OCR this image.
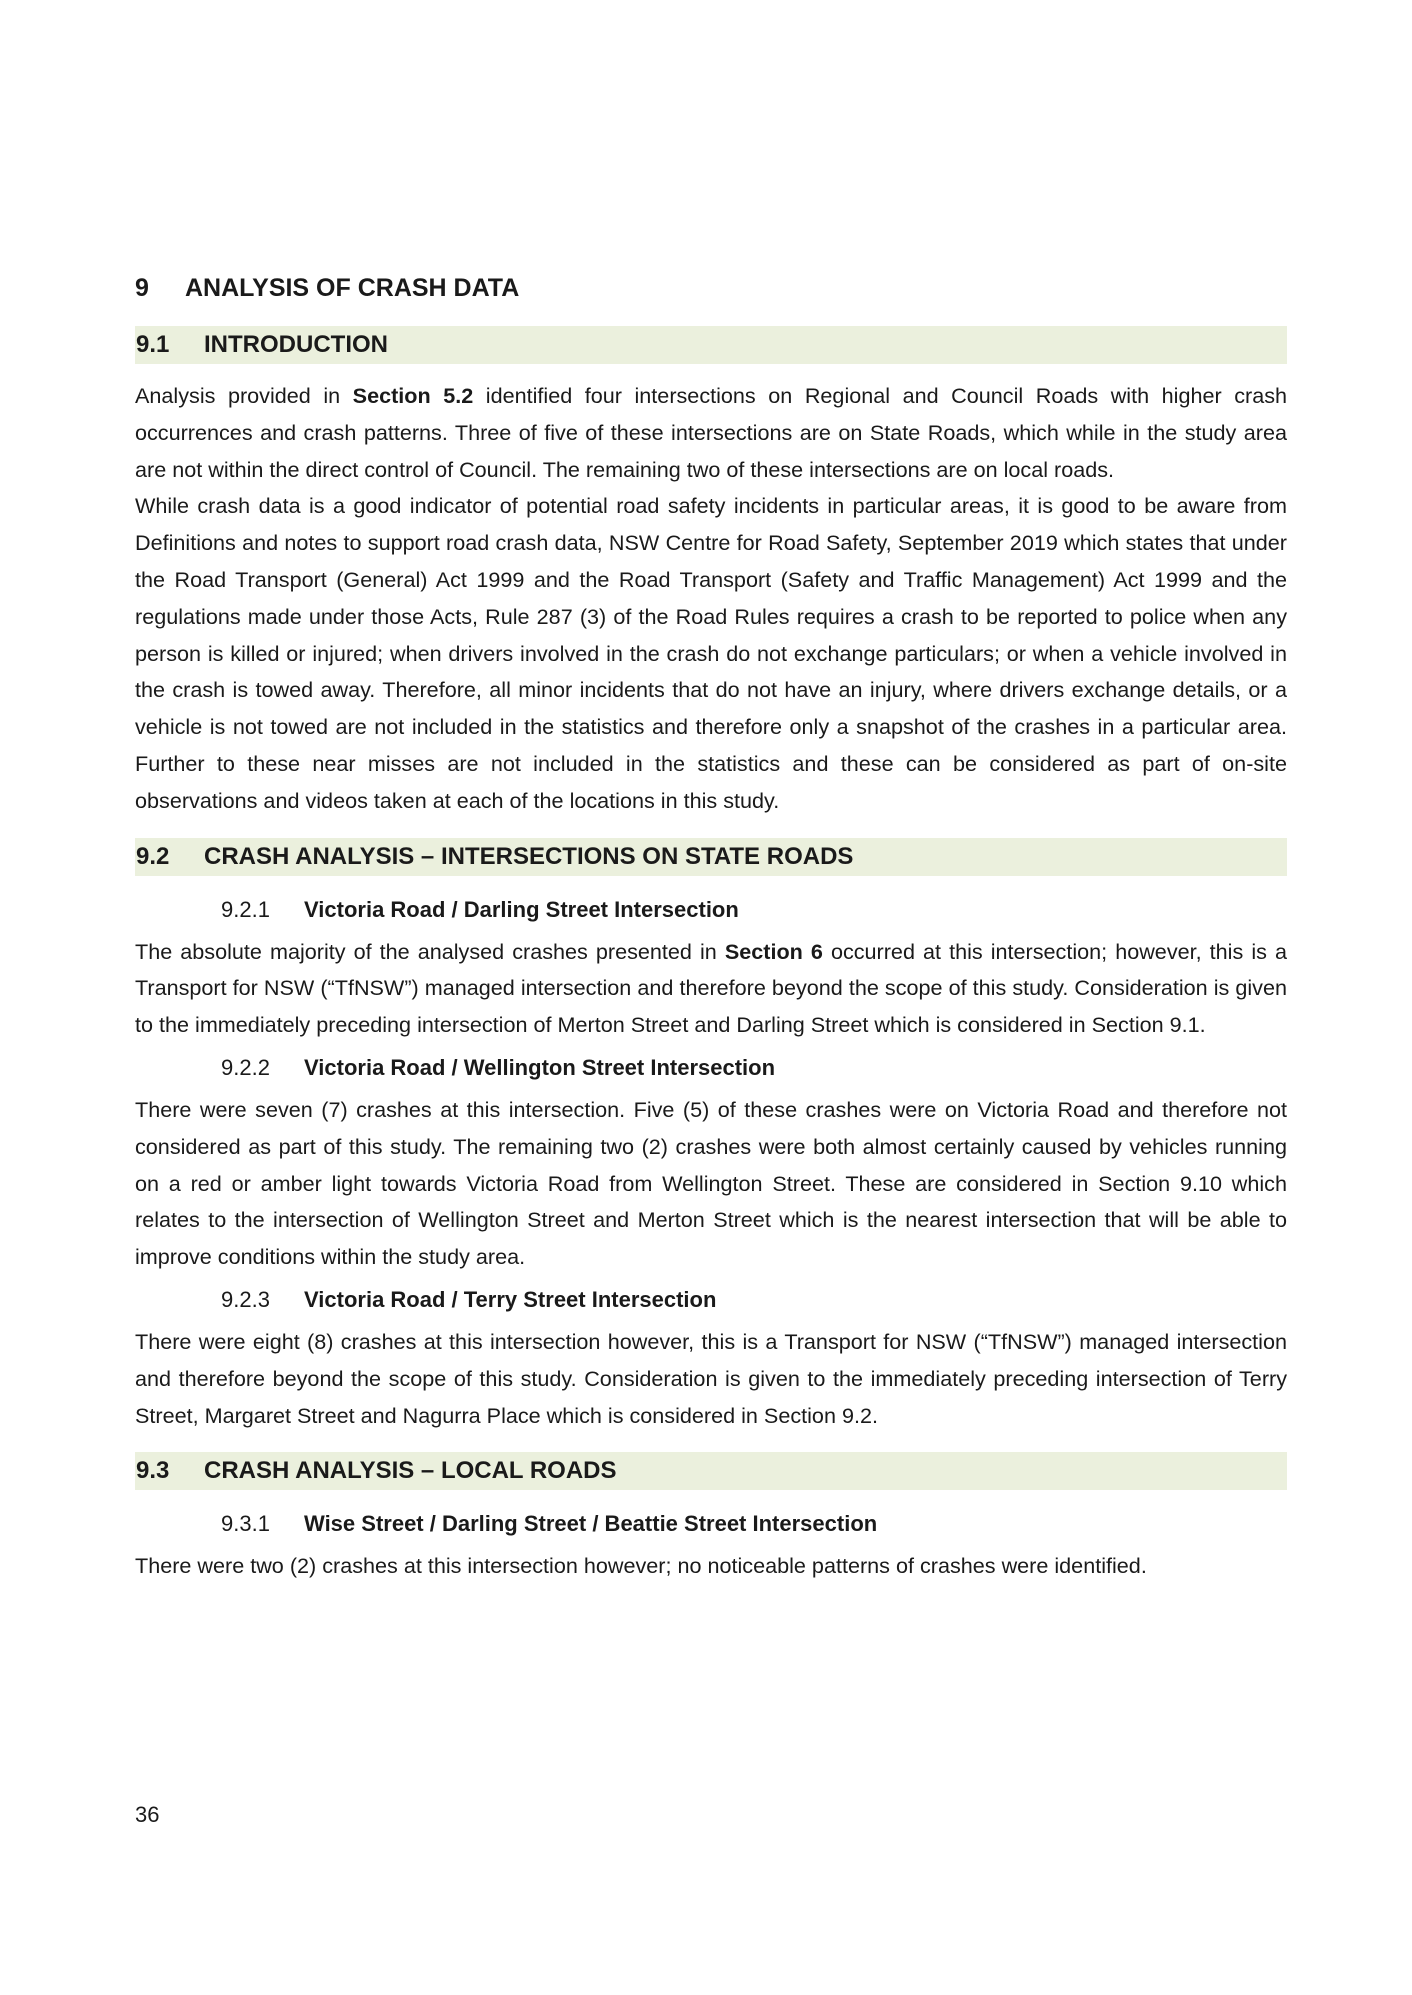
9	ANALYSIS OF CRASH DATA
9.1	INTRODUCTION

Analysis provided in Section 5.2 identified four intersections on Regional and Council Roads with higher crash occurrences and crash patterns. Three of five of these intersections are on State Roads, which while in the study area are not within the direct control of Council. The remaining two of these intersections are on local roads.

While crash data is a good indicator of potential road safety incidents in particular areas, it is good to be aware from Definitions and notes to support road crash data, NSW Centre for Road Safety, September 2019 which states that under the Road Transport (General) Act 1999 and the Road Transport (Safety and Traffic Management) Act 1999 and the regulations made under those Acts, Rule 287 (3) of the Road Rules requires a crash to be reported to police when any person is killed or injured; when drivers involved in the crash do not exchange particulars; or when a vehicle involved in the crash is towed away. Therefore, all minor incidents that do not have an injury, where drivers exchange details, or a vehicle is not towed are not included in the statistics and therefore only a snapshot of the crashes in a particular area. Further to these near misses are not included in the statistics and these can be considered as part of on-site observations and videos taken at each of the locations in this study.

9.2	CRASH ANALYSIS – INTERSECTIONS ON STATE ROADS
9.2.1	Victoria Road / Darling Street Intersection

The absolute majority of the analysed crashes presented in Section 6 occurred at this intersection; however, this is a Transport for NSW (“TfNSW”) managed intersection and therefore beyond the scope of this study. Consideration is given to the immediately preceding intersection of Merton Street and Darling Street which is considered in Section 9.1.

9.2.2	Victoria Road / Wellington Street Intersection

There were seven (7) crashes at this intersection. Five (5) of these crashes were on Victoria Road and therefore not considered as part of this study. The remaining two (2) crashes were both almost certainly caused by vehicles running on a red or amber light towards Victoria Road from Wellington Street. These are considered in Section 9.10 which relates to the intersection of Wellington Street and Merton Street which is the nearest intersection that will be able to improve conditions within the study area.

9.2.3	Victoria Road / Terry Street Intersection

There were eight (8) crashes at this intersection however, this is a Transport for NSW (“TfNSW”) managed intersection and therefore beyond the scope of this study. Consideration is given to the immediately preceding intersection of Terry Street, Margaret Street and Nagurra Place which is considered in Section 9.2.

9.3	CRASH ANALYSIS – LOCAL ROADS
9.3.1	Wise Street / Darling Street / Beattie Street Intersection

There were two (2) crashes at this intersection however; no noticeable patterns of crashes were identified.

36
